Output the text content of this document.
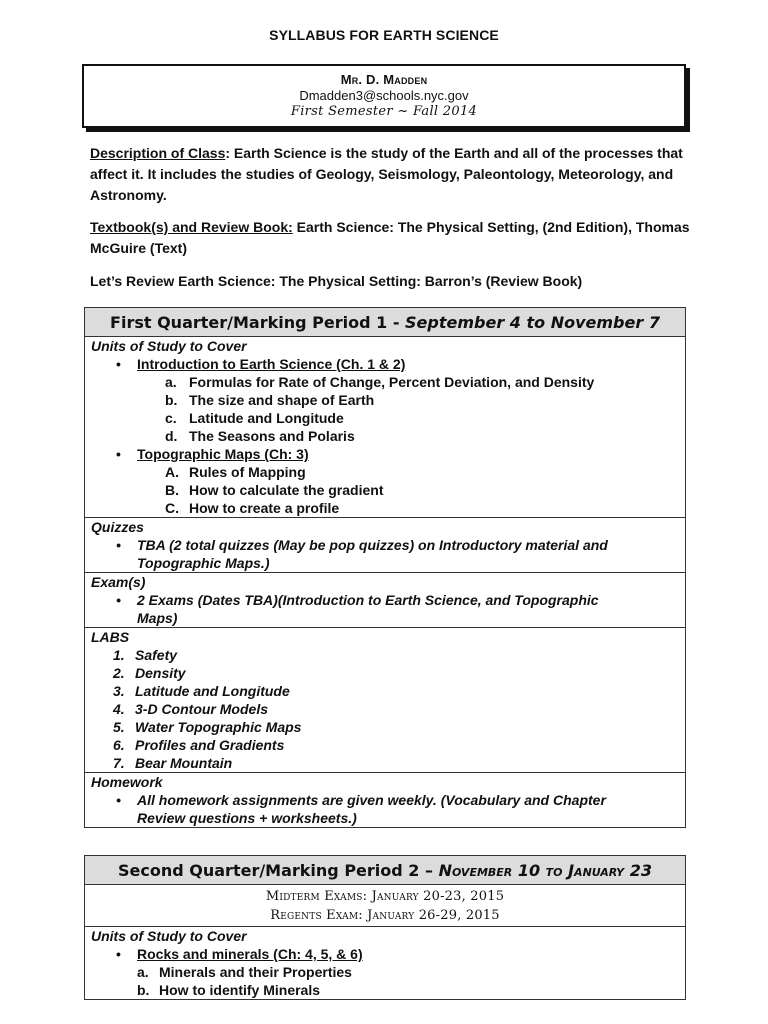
SYLLABUS FOR EARTH SCIENCE
Mr. D. Madden
Dmadden3@schools.nyc.gov
First Semester ~ Fall 2014
Description of Class: Earth Science is the study of the Earth and all of the processes that affect it. It includes the studies of Geology, Seismology, Paleontology, Meteorology, and Astronomy.
Textbook(s) and Review Book: Earth Science: The Physical Setting, (2nd Edition), Thomas McGuire (Text)
Let’s Review Earth Science: The Physical Setting: Barron’s (Review Book)
First Quarter/Marking Period 1 - September 4 to November 7
Units of Study to Cover
• Introduction to Earth Science (Ch. 1 & 2)
a. Formulas for Rate of Change, Percent Deviation, and Density
b. The size and shape of Earth
c. Latitude and Longitude
d. The Seasons and Polaris
• Topographic Maps (Ch: 3)
A. Rules of Mapping
B. How to calculate the gradient
C. How to create a profile
Quizzes
• TBA (2 total quizzes (May be pop quizzes) on Introductory material and
Topographic Maps.)
Exam(s)
• 2 Exams (Dates TBA)(Introduction to Earth Science, and Topographic
Maps)
LABS
1. Safety
2. Density
3. Latitude and Longitude
4. 3-D Contour Models
5. Water Topographic Maps
6. Profiles and Gradients
7. Bear Mountain
Homework
• All homework assignments are given weekly. (Vocabulary and Chapter
Review questions + worksheets.)
Second Quarter/Marking Period 2 – November 10 to January 23
Midterm Exams: January 20-23, 2015
Regents Exam: January 26-29, 2015
Units of Study to Cover
• Rocks and minerals (Ch: 4, 5, & 6)
a. Minerals and their Properties
b. How to identify Minerals
